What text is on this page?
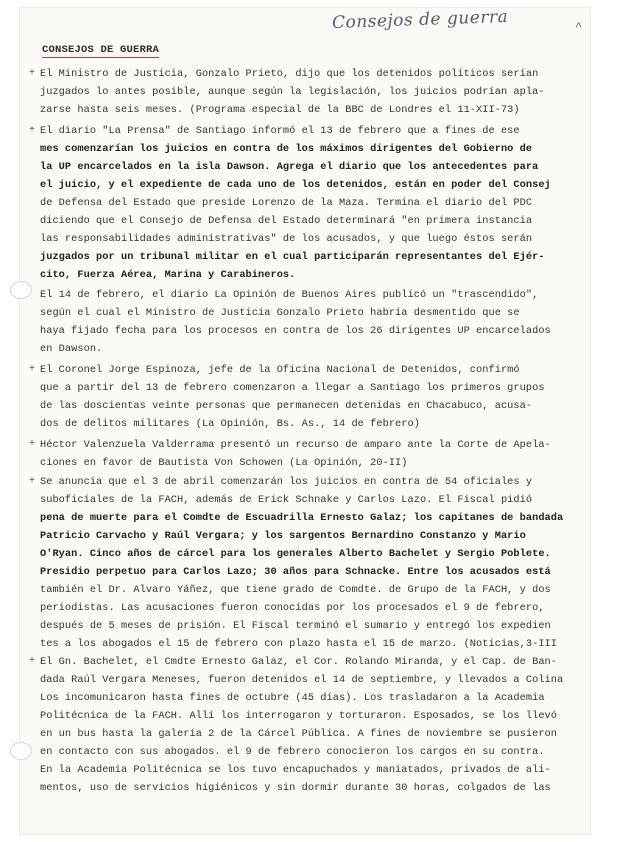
Consejos de guerra	^
CONSEJOS DE GUERRA
+ El Ministro de Justicia, Gonzalo Prieto, dijo que los detenidos políticos serían
juzgados lo antes posible, aunque según la legislación, los juicios podrían apla-
zarse hasta seis meses. (Programa especial de la BBC de Londres el 11-XII-73)
+ El diario "La Prensa" de Santiago informó el 13 de febrero que a fines de ese
mes comenzarían los juicios en contra de los máximos dirigentes del Gobierno de
la UP encarcelados en la isla Dawson. Agrega el diario que los antecedentes para
el juicio, y el expediente de cada uno de los detenidos, están en poder del Consej
de Defensa del Estado que preside Lorenzo de la Maza. Termina el diario del PDC
diciendo que el Consejo de Defensa del Estado determinará "en primera instancia
las responsabilidades administrativas" de los acusados, y que luego éstos serán
juzgados por un tribunal militar en el cual participarán representantes del Ejér-
cito, Fuerza Aérea, Marina y Carabineros.
El 14 de febrero, el diario La Opinión de Buenos Aires publicó un "trascendido",
según el cual el Ministro de Justicia Gonzalo Prieto habría desmentido que se
haya fijado fecha para los procesos en contra de los 26 dirigentes UP encarcelados
en Dawson.
+ El Coronel Jorge Espinoza, jefe de la Oficina Nacional de Detenidos, confirmó
que a partir del 13 de febrero comenzaron a llegar a Santiago los primeros grupos
de las doscientas veinte personas que permanecen detenidas en Chacabuco, acusa-
dos de delitos militares (La Opinión, Bs. As., 14 de febrero)
+ Héctor Valenzuela Valderrama presentó un recurso de amparo ante la Corte de Apela-
ciones en favor de Bautista Von Schowen (La Opinión, 20-II)
+ Se anuncia que el 3 de abril comenzarán los juicios en contra de 54 oficiales y
suboficiales de la FACH, además de Erick Schnake y Carlos Lazo. El Fiscal pidió
pena de muerte para el Comdte de Escuadrilla Ernesto Galaz; los capitanes de bandada
Patricio Carvacho y Raúl Vergara; y los sargentos Bernardino Constanzo y Mario
O'Ryan. Cinco años de cárcel para los generales Alberto Bachelet y Sergio Poblete.
Presidio perpetuo para Carlos Lazo; 30 años para Schnacke. Entre los acusados está
también el Dr. Alvaro Yáñez, que tiene grado de Comdte. de Grupo de la FACH, y dos
periodistas. Las acusaciones fueron conocidas por los procesados el 9 de febrero,
después de 5 meses de prisión. El Fiscal terminó el sumario y entregó los expedien
tes a los abogados el 15 de febrero con plazo hasta el 15 de marzo. (Noticias,3-III
+ El Gn. Bachelet, el Cmdte Ernesto Galaz, el Cor. Rolando Miranda, y el Cap. de Ban-
dada Raúl Vergara Meneses, fueron detenidos el 14 de septiembre, y llevados a Colina
Los incomunicaron hasta fines de octubre (45 días). Los trasladaron a la Academia
Politécnica de la FACH. Allí los interrogaron y torturaron. Esposados, se los llevó
en un bus hasta la galería 2 de la Cárcel Pública. A fines de noviembre se pusieron
en contacto con sus abogados. el 9 de febrero conocieron los cargos en su contra.
En la Academia Politécnica se los tuvo encapuchados y maniatados, privados de ali-
mentos, uso de servicios higiénicos y sin dormir durante 30 horas, colgados de las
